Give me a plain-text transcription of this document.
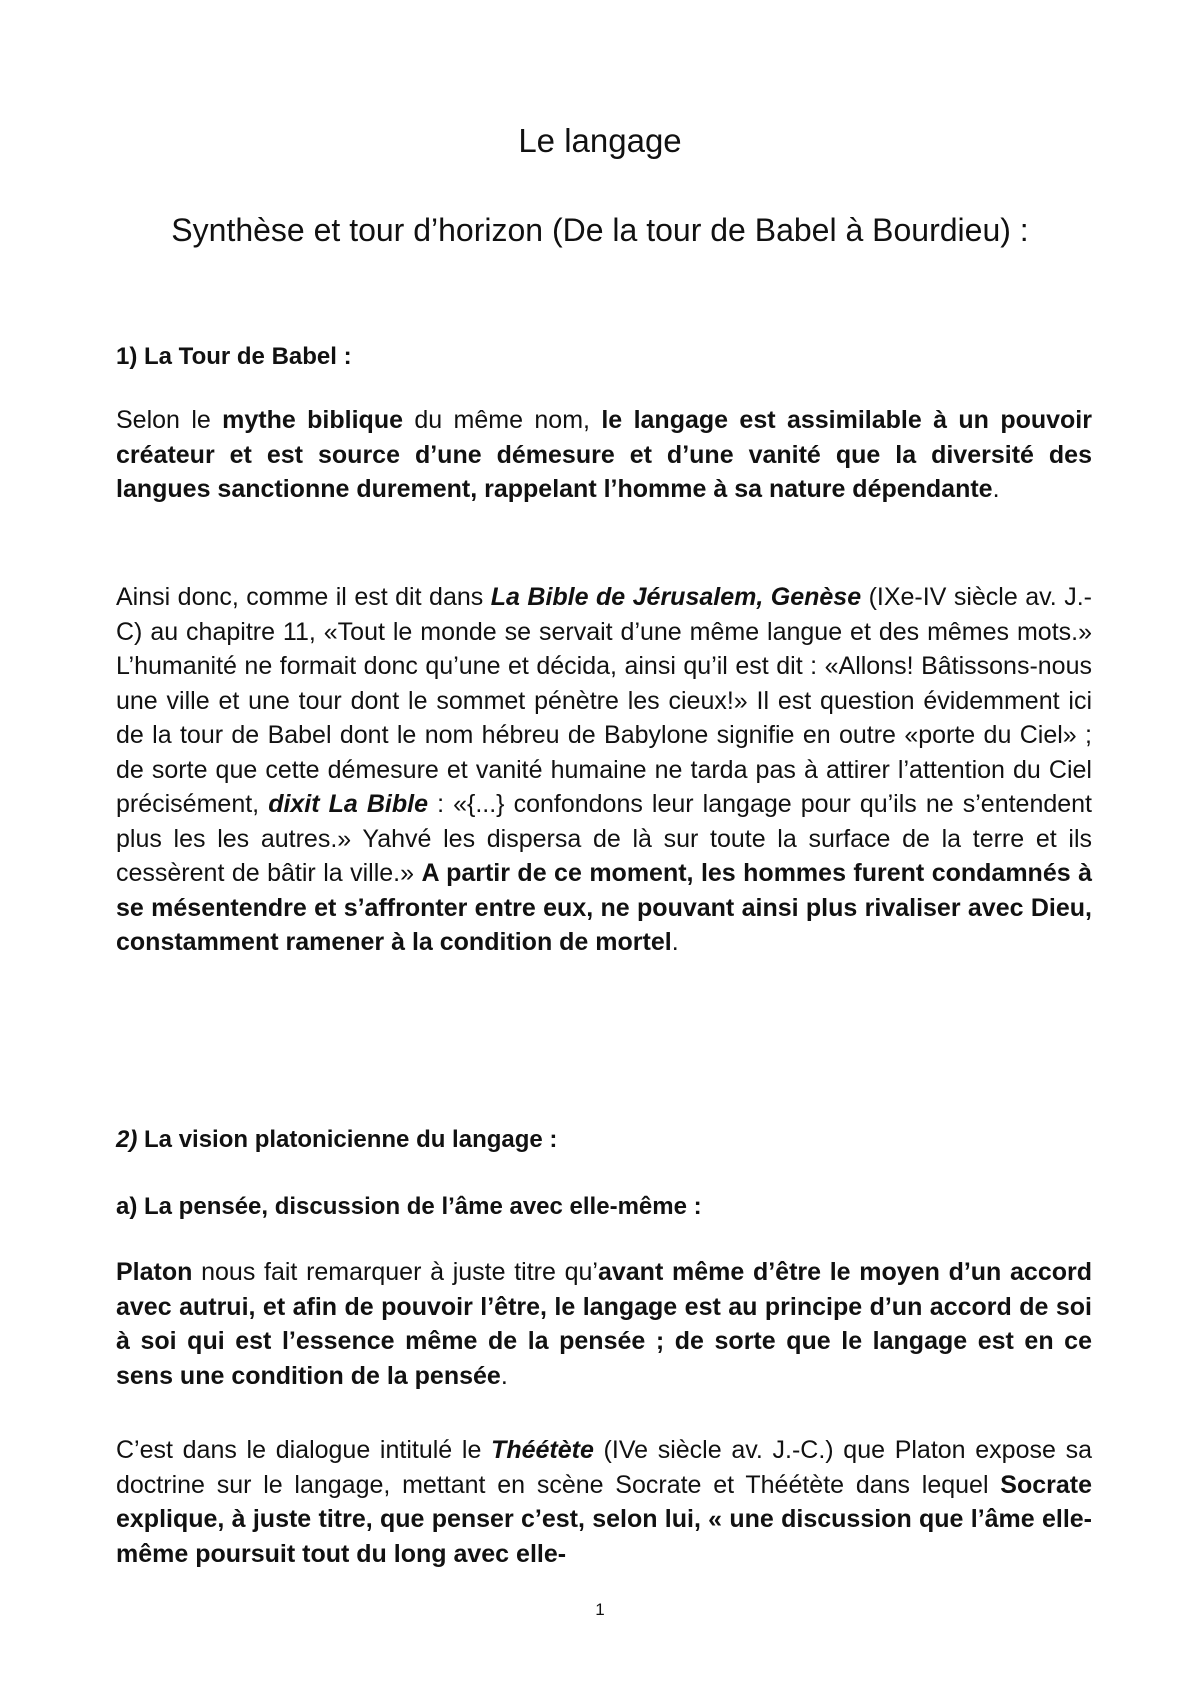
Le langage
Synthèse et tour d’horizon (De la tour de Babel à Bourdieu) :
1) La Tour de Babel :

Selon le mythe biblique du même nom, le langage est assimilable à un pouvoir créateur et est source d’une démesure et d’une vanité que la diversité des langues sanctionne durement, rappelant l’homme à sa nature dépendante.

Ainsi donc, comme il est dit dans La Bible de Jérusalem, Genèse (IXe-IV siècle av. J.-C) au chapitre 11, «Tout le monde se servait d’une même langue et des mêmes mots.» L’humanité ne formait donc qu’une et décida, ainsi qu’il est dit : «Allons! Bâtissons-nous une ville et une tour dont le sommet pénètre les cieux!» Il est question évidemment ici de la tour de Babel dont le nom hébreu de Babylone signifie en outre «porte du Ciel» ; de sorte que cette démesure et vanité humaine ne tarda pas à attirer l’attention du Ciel précisément, dixit La Bible : «{...} confondons leur langage pour qu’ils ne s’entendent plus les les autres.» Yahvé les dispersa de là sur toute la surface de la terre et ils cessèrent de bâtir la ville.» A partir de ce moment, les hommes furent condamnés à se mésentendre et s’affronter entre eux, ne pouvant ainsi plus rivaliser avec Dieu, constamment ramener à la condition de mortel.

2) La vision platonicienne du langage :
a) La pensée, discussion de l’âme avec elle-même :

Platon nous fait remarquer à juste titre qu’avant même d’être le moyen d’un accord avec autrui, et afin de pouvoir l’être, le langage est au principe d’un accord de soi à soi qui est l’essence même de la pensée ; de sorte que le langage est en ce sens une condition de la pensée.

C’est dans le dialogue intitulé le Théétète (IVe siècle av. J.-C.) que Platon expose sa doctrine sur le langage, mettant en scène Socrate et Théétète dans lequel Socrate explique, à juste titre, que penser c’est, selon lui, « une discussion que l’âme elle-même poursuit tout du long avec elle-

1
